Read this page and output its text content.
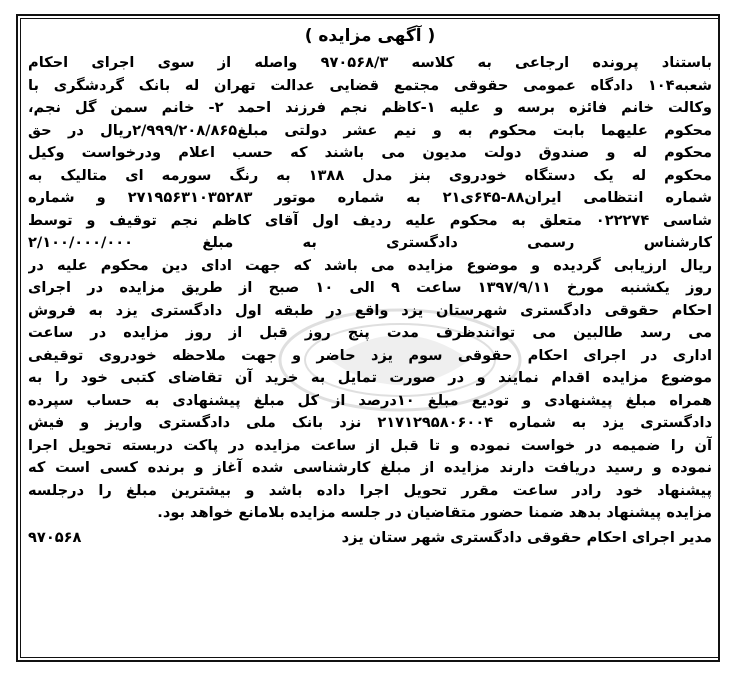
( آگهی مزایده )
باستناد پرونده ارجاعی به کلاسه ۹۷۰۵۶۸/۳ واصله از سوی اجرای احکام
شعبه۱۰۴ دادگاه عمومی حقوقی مجتمع قضایی عدالت تهران له بانک گردشگری با
وکالت خانم فائزه برسه و علیه ۱-کاظم نجم فرزند احمد ۲- خانم سمن گل نجم،
محکوم علیهما بابت محکوم به و نیم عشر دولتی مبلغ۲/۹۹۹/۲۰۸/۸۶۵ریال در حق
محکوم له و صندوق دولت مدیون می باشند که حسب اعلام ودرخواست وکیل
محکوم له یک دستگاه خودروی بنز مدل ۱۳۸۸ به رنگ سورمه ای متالیک به
شماره انتظامی ایران۸۸-۶۴۵ی۲۱ به شماره موتور ۲۷۱۹۵۶۳۱۰۳۵۲۸۳ و شماره
شاسی ۰۲۲۲۷۴ متعلق به محکوم علیه ردیف اول آقای کاظم نجم توقیف و توسط
کارشناس رسمی دادگستری به مبلغ ۲/۱۰۰/۰۰۰/۰۰۰
ریال ارزیابی گردیده و موضوع مزایده می باشد که جهت ادای دین محکوم علیه در
روز یکشنبه مورخ ۱۳۹۷/۹/۱۱ ساعت ۹ الی ۱۰ صبح از طریق مزایده در اجرای
احکام حقوقی دادگستری شهرستان یزد واقع در طبقه اول دادگستری یزد به فروش
می رسد طالبین می توانندظرف مدت پنج روز قبل از روز مزایده در ساعت
اداری در اجرای احکام حقوقی سوم یزد حاضر و جهت ملاحظه خودروی توقیفی
موضوع مزایده اقدام نمایند و در صورت تمایل به خرید آن تقاضای کتبی خود را به
همراه مبلغ پیشنهادی و تودیع مبلغ ۱۰درصد از کل مبلغ پیشنهادی به حساب سپرده
دادگستری یزد به شماره ۲۱۷۱۲۹۵۸۰۶۰۰۴ نزد بانک ملی دادگستری واریز و فیش
آن را ضمیمه در خواست نموده و تا قبل از ساعت مزایده در پاکت دربسته تحویل اجرا
نموده و رسید دریافت دارند مزایده از مبلغ کارشناسی شده آغاز و برنده کسی است که
پیشنهاد خود رادر ساعت مقرر تحویل اجرا داده باشد و بیشترین مبلغ را درجلسه
مزایده پیشنهاد بدهد ضمنا حضور متقاضیان در جلسه مزایده بلامانع خواهد بود.
مدیر اجرای احکام حقوقی دادگستری شهر ستان یزد
۹۷۰۵۶۸
